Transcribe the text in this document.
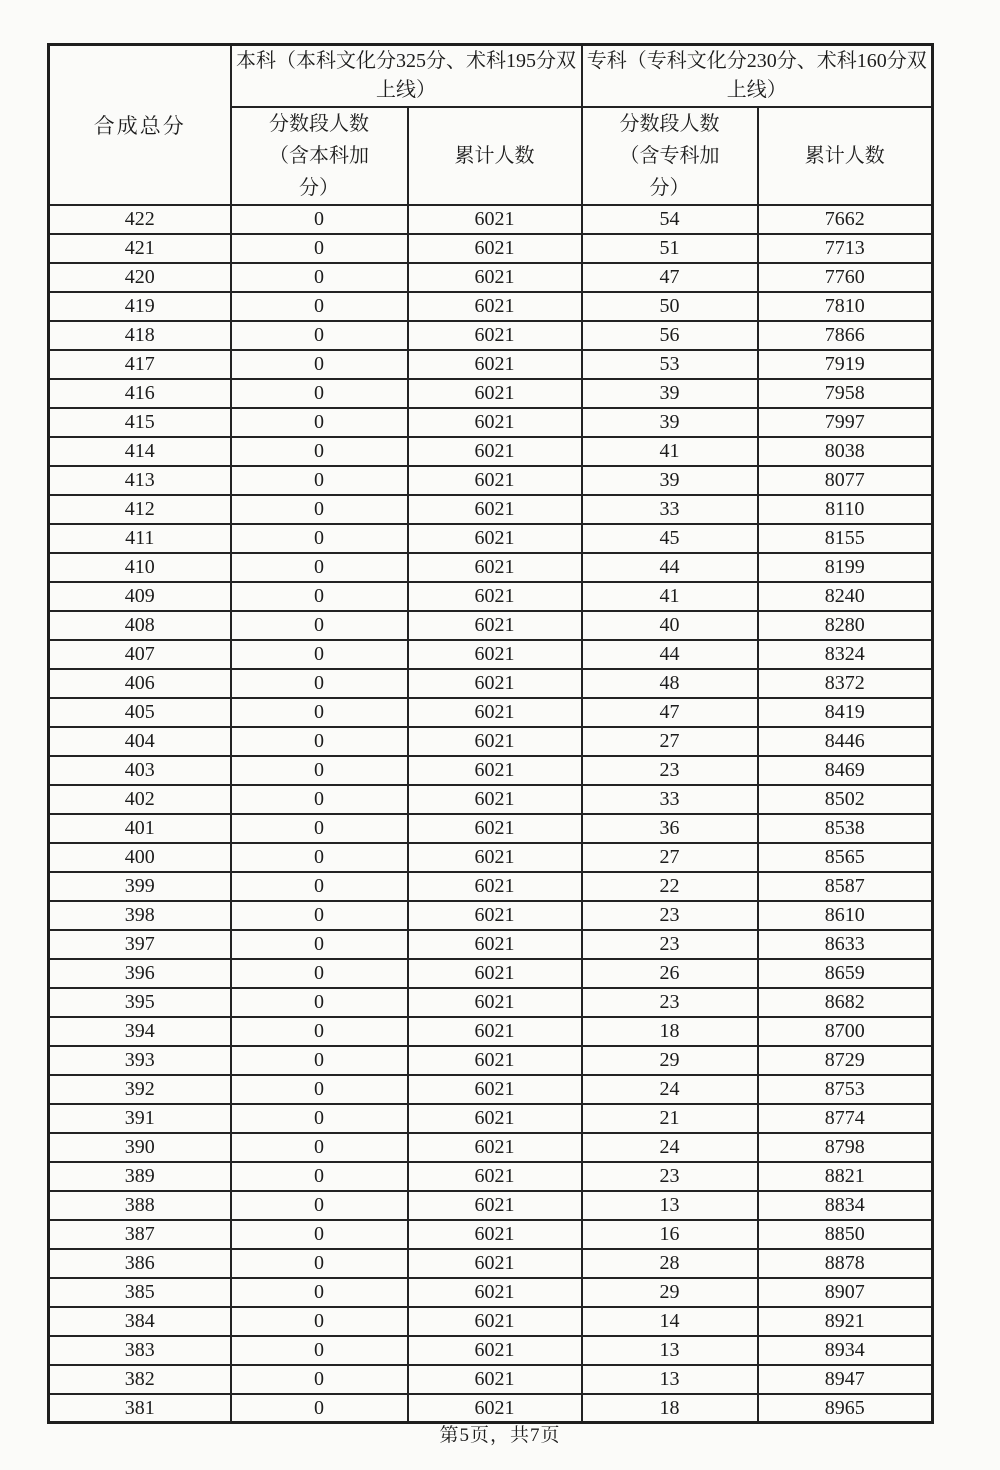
合成总分	本科（本科文化分325分、术科195分双上线）		专科（专科文化分230分、术科160分双上线）	
	分数段人数（含本科加分）	累计人数	分数段人数（含专科加分）	累计人数
422	0	6021	54	7662
421	0	6021	51	7713
420	0	6021	47	7760
419	0	6021	50	7810
418	0	6021	56	7866
417	0	6021	53	7919
416	0	6021	39	7958
415	0	6021	39	7997
414	0	6021	41	8038
413	0	6021	39	8077
412	0	6021	33	8110
411	0	6021	45	8155
410	0	6021	44	8199
409	0	6021	41	8240
408	0	6021	40	8280
407	0	6021	44	8324
406	0	6021	48	8372
405	0	6021	47	8419
404	0	6021	27	8446
403	0	6021	23	8469
402	0	6021	33	8502
401	0	6021	36	8538
400	0	6021	27	8565
399	0	6021	22	8587
398	0	6021	23	8610
397	0	6021	23	8633
396	0	6021	26	8659
395	0	6021	23	8682
394	0	6021	18	8700
393	0	6021	29	8729
392	0	6021	24	8753
391	0	6021	21	8774
390	0	6021	24	8798
389	0	6021	23	8821
388	0	6021	13	8834
387	0	6021	16	8850
386	0	6021	28	8878
385	0	6021	29	8907
384	0	6021	14	8921
383	0	6021	13	8934
382	0	6021	13	8947
381	0	6021	18	8965
第5页，共7页
